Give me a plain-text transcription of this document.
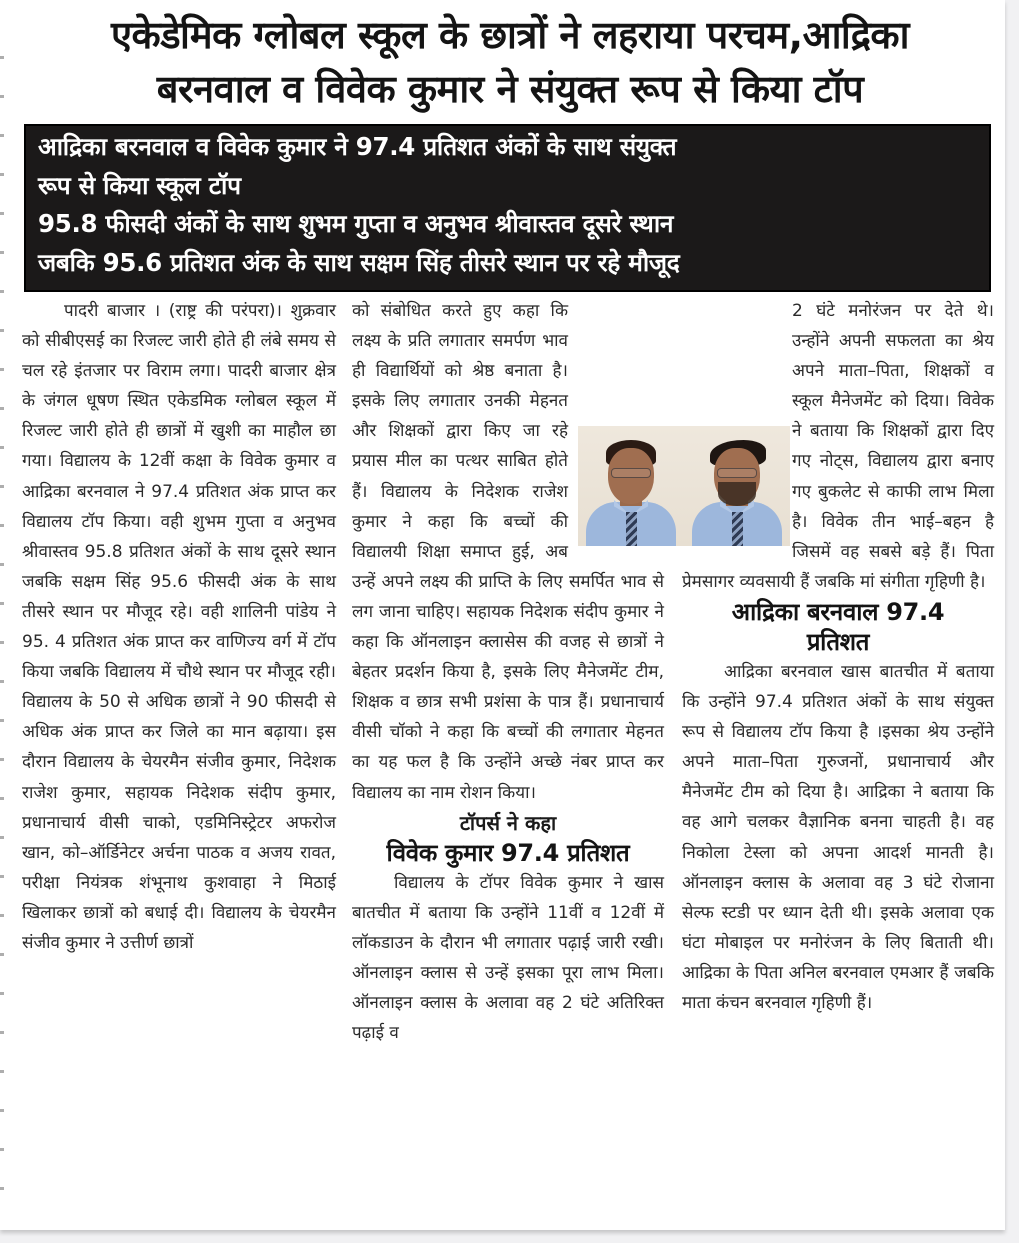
एकेडेमिक ग्लोबल स्कूल के छात्रों ने लहराया परचम,आद्रिका
बरनवाल व विवेक कुमार ने संयुक्त रूप से किया टॉप

आद्रिका बरनवाल व विवेक कुमार ने 97.4 प्रतिशत अंकों के साथ संयुक्त

रूप से किया स्कूल टॉप

95.8 फीसदी अंकों के साथ शुभम गुप्ता व अनुभव श्रीवास्तव दूसरे स्थान

जबकि 95.6 प्रतिशत अंक के साथ सक्षम सिंह तीसरे स्थान पर रहे मौजूद

पादरी बाजार । (राष्ट्र की परंपरा)। शुक्रवार को सीबीएसई का रिजल्ट जारी होते ही लंबे समय से चल रहे इंतजार पर विराम लगा। पादरी बाजार क्षेत्र के जंगल धूषण स्थित एकेडमिक ग्लोबल स्कूल में रिजल्ट जारी होते ही छात्रों में खुशी का माहौल छा गया। विद्यालय के 12वीं कक्षा के विवेक कुमार व आद्रिका बरनवाल ने 97.4 प्रतिशत अंक प्राप्त कर विद्यालय टॉप किया। वही शुभम गुप्ता व अनुभव श्रीवास्तव 95.8 प्रतिशत अंकों के साथ दूसरे स्थान जबकि सक्षम सिंह 95.6 फीसदी अंक के साथ तीसरे स्थान पर मौजूद रहे। वही शालिनी पांडेय ने 95. 4 प्रतिशत अंक प्राप्त कर वाणिज्य वर्ग में टॉप किया जबकि विद्यालय में चौथे स्थान पर मौजूद रही। विद्यालय के 50 से अधिक छात्रों ने 90 फीसदी से अधिक अंक प्राप्त कर जिले का मान बढ़ाया। इस दौरान विद्यालय के चेयरमैन संजीव कुमार, निदेशक राजेश कुमार, सहायक निदेशक संदीप कुमार, प्रधानाचार्य वीसी चाको, एडमिनिस्ट्रेटर अफरोज खान, को–ऑर्डिनेटर अर्चना पाठक व अजय रावत, परीक्षा नियंत्रक शंभूनाथ कुशवाहा ने मिठाई खिलाकर छात्रों को बधाई दी। विद्यालय के चेयरमैन संजीव कुमार ने उत्तीर्ण छात्रों

को संबोधित करते हुए कहा कि लक्ष्य के प्रति लगातार समर्पण भाव ही विद्यार्थियों को श्रेष्ठ बनाता है। इसके लिए लगातार उनकी मेहनत और शिक्षकों द्वारा किए जा रहे प्रयास मील का पत्थर साबित होते हैं। विद्यालय के निदेशक राजेश कुमार ने कहा कि बच्चों की विद्यालयी शिक्षा समाप्त हुई, अब उन्हें अपने लक्ष्य की प्राप्ति के लिए समर्पित भाव से लग जाना चाहिए। सहायक निदेशक संदीप कुमार ने कहा कि ऑनलाइन क्लासेस की वजह से छात्रों ने बेहतर प्रदर्शन किया है, इसके लिए मैनेजमेंट टीम, शिक्षक व छात्र सभी प्रशंसा के पात्र हैं। प्रधानाचार्य वीसी चॉको ने कहा कि बच्चों की लगातार मेहनत का यह फल है कि उन्होंने अच्छे नंबर प्राप्त कर विद्यालय का नाम रोशन किया।

टॉपर्स ने कहा

विवेक कुमार 97.4 प्रतिशत

विद्यालय के टॉपर विवेक कुमार ने खास बातचीत में बताया कि उन्होंने 11वीं व 12वीं में लॉकडाउन के दौरान भी लगातार पढ़ाई जारी रखी। ऑनलाइन क्लास से उन्हें इसका पूरा लाभ मिला। ऑनलाइन क्लास के अलावा वह 2 घंटे अतिरिक्त पढ़ाई व

2 घंटे मनोरंजन पर देते थे। उन्होंने अपनी सफलता का श्रेय अपने माता–पिता, शिक्षकों व स्कूल मैनेजमेंट को दिया। विवेक ने बताया कि शिक्षकों द्वारा दिए गए नोट्स, विद्यालय द्वारा बनाए गए बुकलेट से काफी लाभ मिला है। विवेक तीन भाई–बहन है जिसमें वह सबसे बड़े हैं। पिता प्रेमसागर व्यवसायी हैं जबकि मां संगीता गृहिणी है।

आद्रिका बरनवाल 97.4 प्रतिशत

आद्रिका बरनवाल खास बातचीत में बताया कि उन्होंने 97.4 प्रतिशत अंकों के साथ संयुक्त रूप से विद्यालय टॉप किया है ।इसका श्रेय उन्होंने अपने माता–पिता गुरुजनों, प्रधानाचार्य और मैनेजमेंट टीम को दिया है। आद्रिका ने बताया कि वह आगे चलकर वैज्ञानिक बनना चाहती है। वह निकोला टेस्ला को अपना आदर्श मानती है। ऑनलाइन क्लास के अलावा वह 3 घंटे रोजाना सेल्फ स्टडी पर ध्यान देती थी। इसके अलावा एक घंटा मोबाइल पर मनोरंजन के लिए बिताती थी। आद्रिका के पिता अनिल बरनवाल एमआर हैं जबकि माता कंचन बरनवाल गृहिणी हैं।
